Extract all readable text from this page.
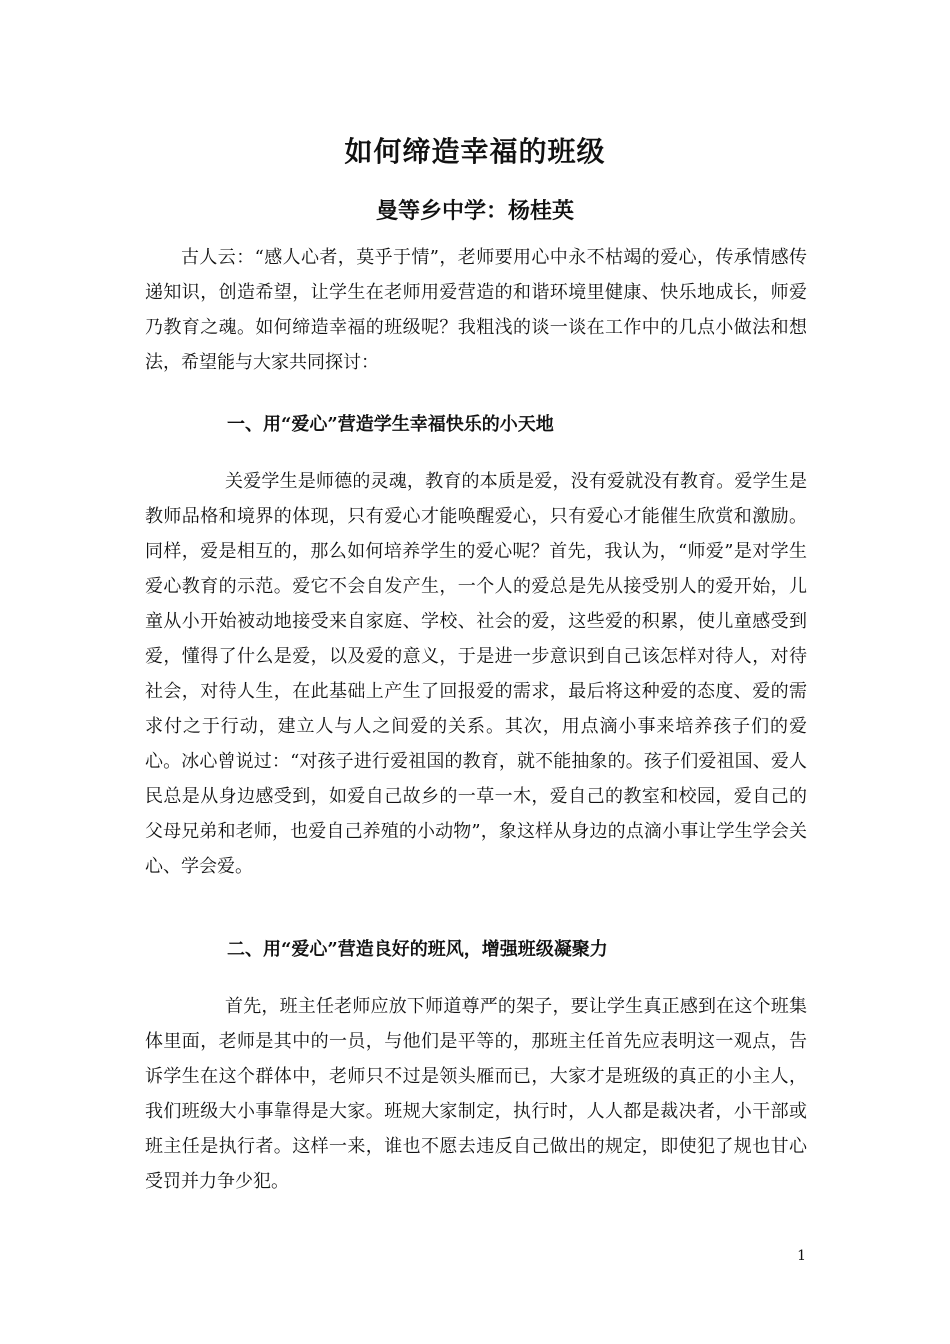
如何缔造幸福的班级
曼等乡中学：杨桂英

古人云：“感人心者，莫乎于情”，老师要用心中永不枯竭的爱心，传承情感传递知识，创造希望，让学生在老师用爱营造的和谐环境里健康、快乐地成长，师爱乃教育之魂。如何缔造幸福的班级呢？我粗浅的谈一谈在工作中的几点小做法和想法，希望能与大家共同探讨：

一、用“爱心”营造学生幸福快乐的小天地

关爱学生是师德的灵魂，教育的本质是爱，没有爱就没有教育。爱学生是教师品格和境界的体现，只有爱心才能唤醒爱心，只有爱心才能催生欣赏和激励。同样，爱是相互的，那么如何培养学生的爱心呢？首先，我认为，“师爱”是对学生爱心教育的示范。爱它不会自发产生，一个人的爱总是先从接受别人的爱开始，儿童从小开始被动地接受来自家庭、学校、社会的爱，这些爱的积累，使儿童感受到爱，懂得了什么是爱，以及爱的意义，于是进一步意识到自己该怎样对待人，对待社会，对待人生，在此基础上产生了回报爱的需求，最后将这种爱的态度、爱的需求付之于行动，建立人与人之间爱的关系。其次，用点滴小事来培养孩子们的爱心。冰心曾说过：“对孩子进行爱祖国的教育，就不能抽象的。孩子们爱祖国、爱人民总是从身边感受到，如爱自己故乡的一草一木，爱自己的教室和校园，爱自己的父母兄弟和老师，也爱自己养殖的小动物”，象这样从身边的点滴小事让学生学会关心、学会爱。

二、用“爱心”营造良好的班风，增强班级凝聚力

首先，班主任老师应放下师道尊严的架子，要让学生真正感到在这个班集体里面，老师是其中的一员，与他们是平等的，那班主任首先应表明这一观点，告诉学生在这个群体中，老师只不过是领头雁而已，大家才是班级的真正的小主人，我们班级大小事靠得是大家。班规大家制定，执行时，人人都是裁决者，小干部或班主任是执行者。这样一来，谁也不愿去违反自己做出的规定，即使犯了规也甘心受罚并力争少犯。

1
